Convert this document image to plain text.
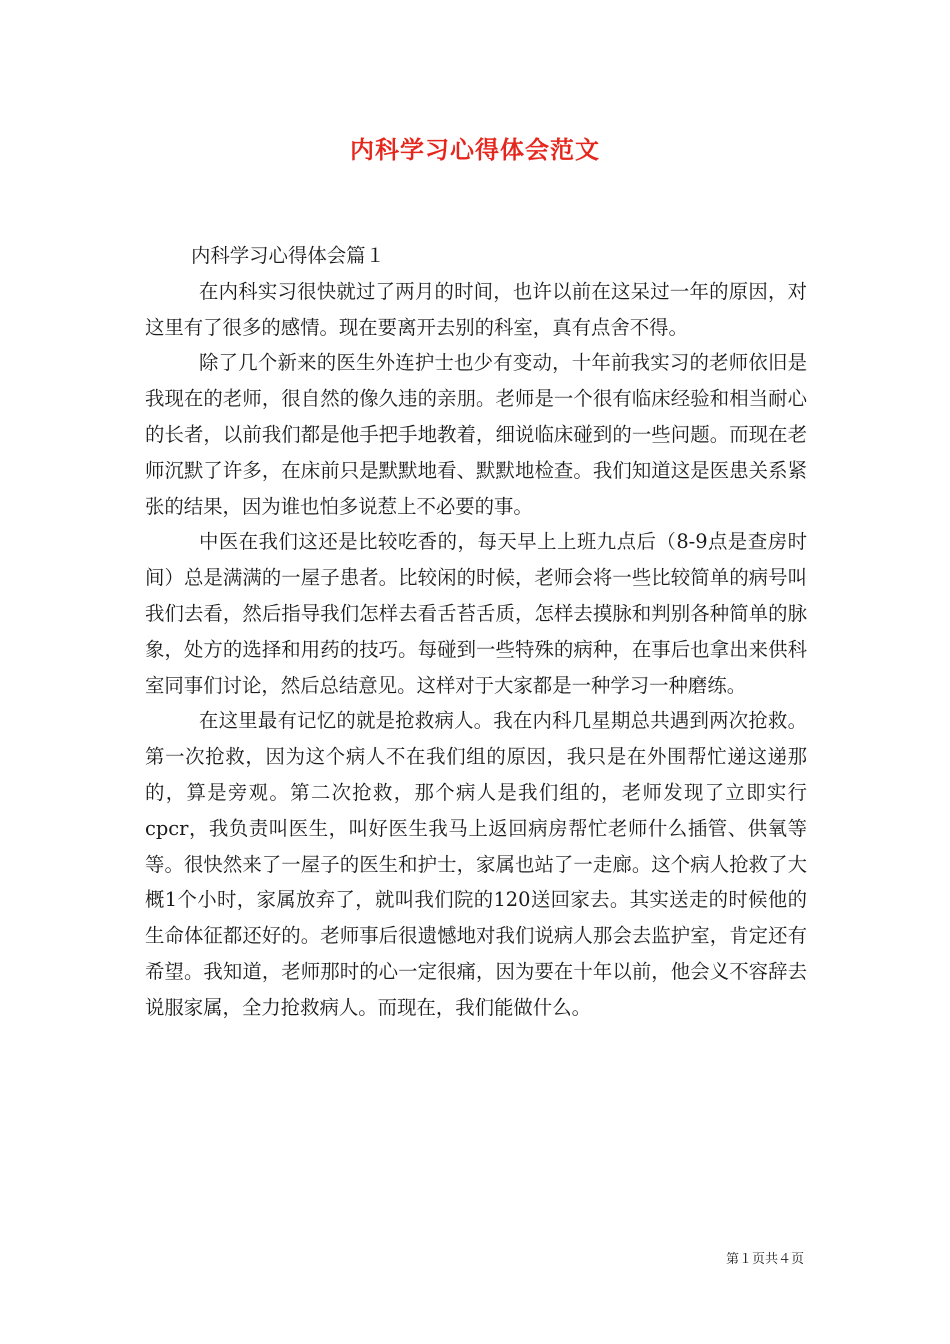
内科学习心得体会范文

内科学习心得体会篇１

在内科实习很快就过了两月的时间，也许以前在这呆过一年的原因，对这里有了很多的感情。现在要离开去别的科室，真有点舍不得。

除了几个新来的医生外连护士也少有变动，十年前我实习的老师依旧是我现在的老师，很自然的像久违的亲朋。老师是一个很有临床经验和相当耐心的长者，以前我们都是他手把手地教着，细说临床碰到的一些问题。而现在老师沉默了许多，在床前只是默默地看、默默地检查。我们知道这是医患关系紧张的结果，因为谁也怕多说惹上不必要的事。

中医在我们这还是比较吃香的，每天早上上班九点后（8-9点是查房时间）总是满满的一屋子患者。比较闲的时候，老师会将一些比较简单的病号叫我们去看，然后指导我们怎样去看舌苔舌质，怎样去摸脉和判别各种简单的脉象，处方的选择和用药的技巧。每碰到一些特殊的病种，在事后也拿出来供科室同事们讨论，然后总结意见。这样对于大家都是一种学习一种磨练。

在这里最有记忆的就是抢救病人。我在内科几星期总共遇到两次抢救。第一次抢救，因为这个病人不在我们组的原因，我只是在外围帮忙递这递那的，算是旁观。第二次抢救，那个病人是我们组的，老师发现了立即实行cpcr，我负责叫医生，叫好医生我马上返回病房帮忙老师什么插管、供氧等等。很快然来了一屋子的医生和护士，家属也站了一走廊。这个病人抢救了大概1个小时，家属放弃了，就叫我们院的120送回家去。其实送走的时候他的生命体征都还好的。老师事后很遗憾地对我们说病人那会去监护室，肯定还有希望。我知道，老师那时的心一定很痛，因为要在十年以前，他会义不容辞去说服家属，全力抢救病人。而现在，我们能做什么。

第１页共４页
